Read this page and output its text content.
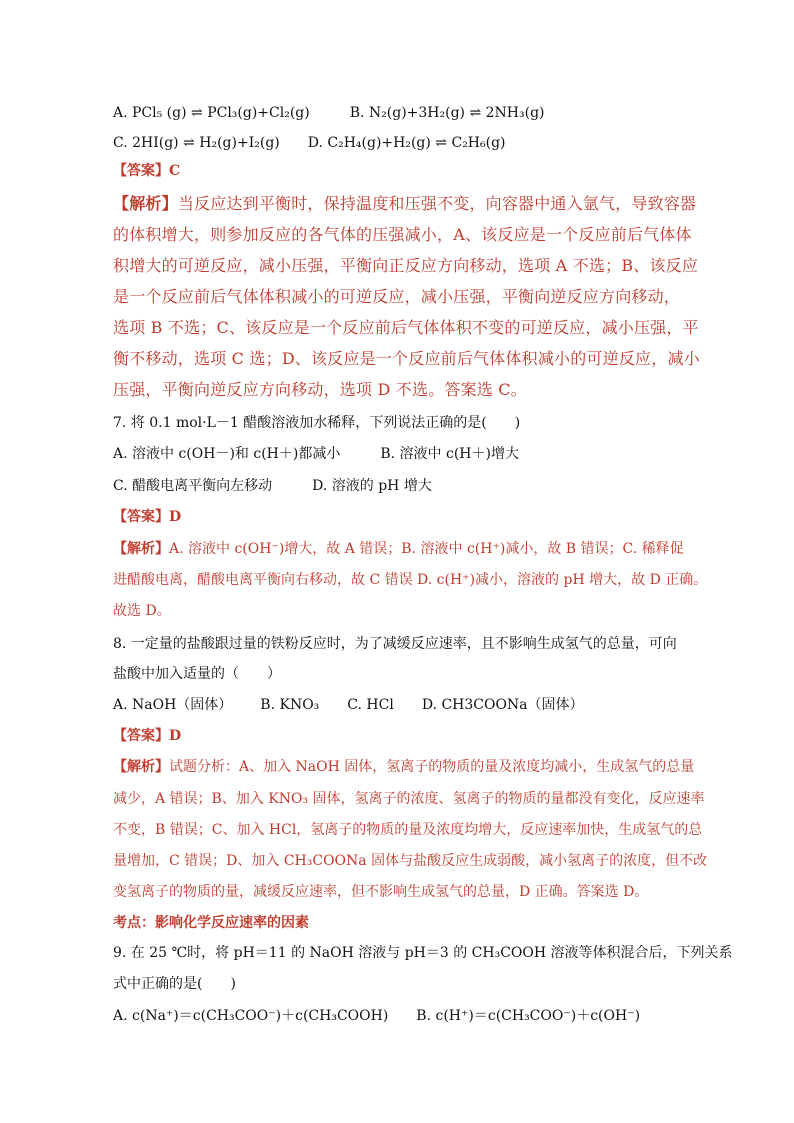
A. PCl₅ (g) ⇌ PCl₃(g)+Cl₂(g)	B. N₂(g)+3H₂(g) ⇌ 2NH₃(g)
C. 2HI(g) ⇌ H₂(g)+I₂(g) D. C₂H₄(g)+H₂(g) ⇌ C₂H₆(g)
【答案】C
【解析】当反应达到平衡时，保持温度和压强不变，向容器中通入氩气，导致容器
的体积增大，则参加反应的各气体的压强减小，A、该反应是一个反应前后气体体
积增大的可逆反应，减小压强，平衡向正反应方向移动，选项 A 不选；B、该反应
是一个反应前后气体体积减小的可逆反应，减小压强，平衡向逆反应方向移动，
选项 B 不选；C、该反应是一个反应前后气体体积不变的可逆反应，减小压强，平
衡不移动，选项 C 选；D、该反应是一个反应前后气体体积减小的可逆反应，减小
压强，平衡向逆反应方向移动，选项 D 不选。答案选 C。
7. 将 0.1 mol·L－1 醋酸溶液加水稀释，下列说法正确的是(　　)
A. 溶液中 c(OH－)和 c(H＋)都减小	B. 溶液中 c(H＋)增大
C. 醋酸电离平衡向左移动	D. 溶液的 pH 增大
【答案】D
【解析】A. 溶液中 c(OH⁻)增大，故 A 错误；B. 溶液中 c(H⁺)减小，故 B 错误；C. 稀释促
进醋酸电离，醋酸电离平衡向右移动，故 C 错误 D. c(H⁺)减小，溶液的 pH 增大，故 D 正确。
故选 D。
8. 一定量的盐酸跟过量的铁粉反应时，为了减缓反应速率，且不影响生成氢气的总量，可向
盐酸中加入适量的（　　）
A. NaOH（固体） B. KNO₃ C. HCl D. CH3COONa（固体）
【答案】D
【解析】试题分析：A、加入 NaOH 固体，氢离子的物质的量及浓度均减小，生成氢气的总量
减少，A 错误；B、加入 KNO₃ 固体，氢离子的浓度、氢离子的物质的量都没有变化，反应速率
不变，B 错误；C、加入 HCl，氢离子的物质的量及浓度均增大，反应速率加快，生成氢气的总
量增加，C 错误；D、加入 CH₃COONa 固体与盐酸反应生成弱酸，减小氢离子的浓度，但不改
变氢离子的物质的量，减缓反应速率，但不影响生成氢气的总量，D 正确。答案选 D。
考点：影响化学反应速率的因素
9. 在 25 ℃时，将 pH＝11 的 NaOH 溶液与 pH＝3 的 CH₃COOH 溶液等体积混合后，下列关系
式中正确的是(　　)
A. c(Na⁺)＝c(CH₃COO⁻)＋c(CH₃COOH) B. c(H⁺)＝c(CH₃COO⁻)＋c(OH⁻)
